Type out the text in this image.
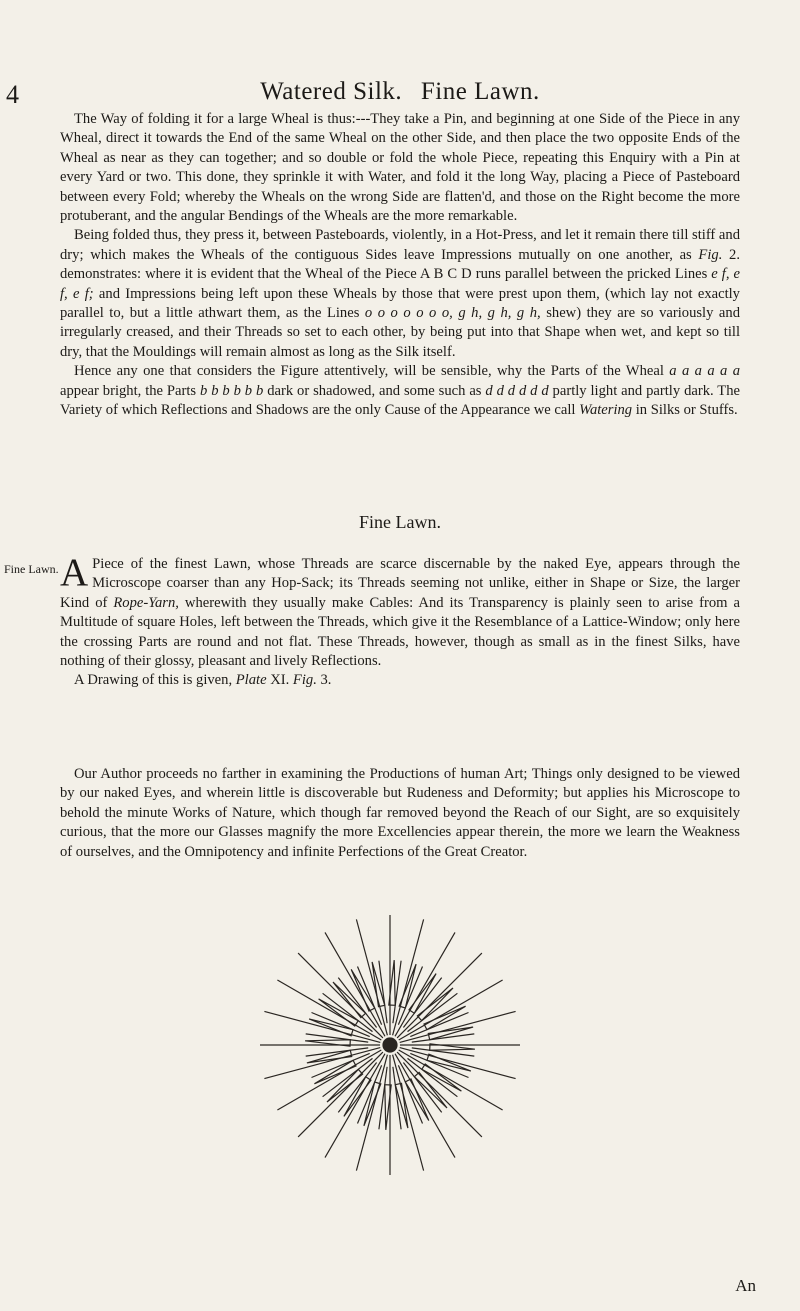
4	Watered Silk. Fine Lawn.

The Way of folding it for a large Wheal is thus:---They take a Pin, and beginning at one Side of the Piece in any Wheal, direct it towards the End of the same Wheal on the other Side, and then place the two opposite Ends of the Wheal as near as they can together; and so double or fold the whole Piece, repeating this Enquiry with a Pin at every Yard or two. This done, they sprinkle it with Water, and fold it the long Way, placing a Piece of Pasteboard between every Fold; whereby the Wheals on the wrong Side are flatten'd, and those on the Right become the more protuberant, and the angular Bendings of the Wheals are the more remarkable.

Being folded thus, they press it, between Pasteboards, violently, in a Hot-Press, and let it remain there till stiff and dry; which makes the Wheals of the contiguous Sides leave Impressions mutually on one another, as Fig. 2. demonstrates: where it is evident that the Wheal of the Piece A B C D runs parallel between the pricked Lines e f, e f, e f; and Impressions being left upon these Wheals by those that were prest upon them, (which lay not exactly parallel to, but a little athwart them, as the Lines o o o o o o o, g h, g h, g h, shew) they are so variously and irregularly creased, and their Threads so set to each other, by being put into that Shape when wet, and kept so till dry, that the Mouldings will remain almost as long as the Silk itself.

Hence any one that considers the Figure attentively, will be sensible, why the Parts of the Wheal a a a a a a appear bright, the Parts b b b b b b dark or shadowed, and some such as d d d d d d partly light and partly dark. The Variety of which Reflections and Shadows are the only Cause of the Appearance we call Watering in Silks or Stuffs.

Fine Lawn.
Fine Lawn. A Piece of the finest Lawn, whose Threads are scarce discernable by the naked Eye, appears through the Microscope coarser than any Hop-Sack; its Threads seeming not unlike, either in Shape or Size, the larger Kind of Rope-Yarn, wherewith they usually make Cables: And its Transparency is plainly seen to arise from a Multitude of square Holes, left between the Threads, which give it the Resemblance of a Lattice-Window; only here the crossing Parts are round and not flat. These Threads, however, though as small as in the finest Silks, have nothing of their glossy, pleasant and lively Reflections.

A Drawing of this is given, Plate XI. Fig. 3.

Our Author proceeds no farther in examining the Productions of human Art; Things only designed to be viewed by our naked Eyes, and wherein little is discoverable but Rudeness and Deformity; but applies his Microscope to behold the minute Works of Nature, which though far removed beyond the Reach of our Sight, are so exquisitely curious, that the more our Glasses magnify the more Excellencies appear therein, the more we learn the Weakness of ourselves, and the Omnipotency and infinite Perfections of the Great Creator.

An
